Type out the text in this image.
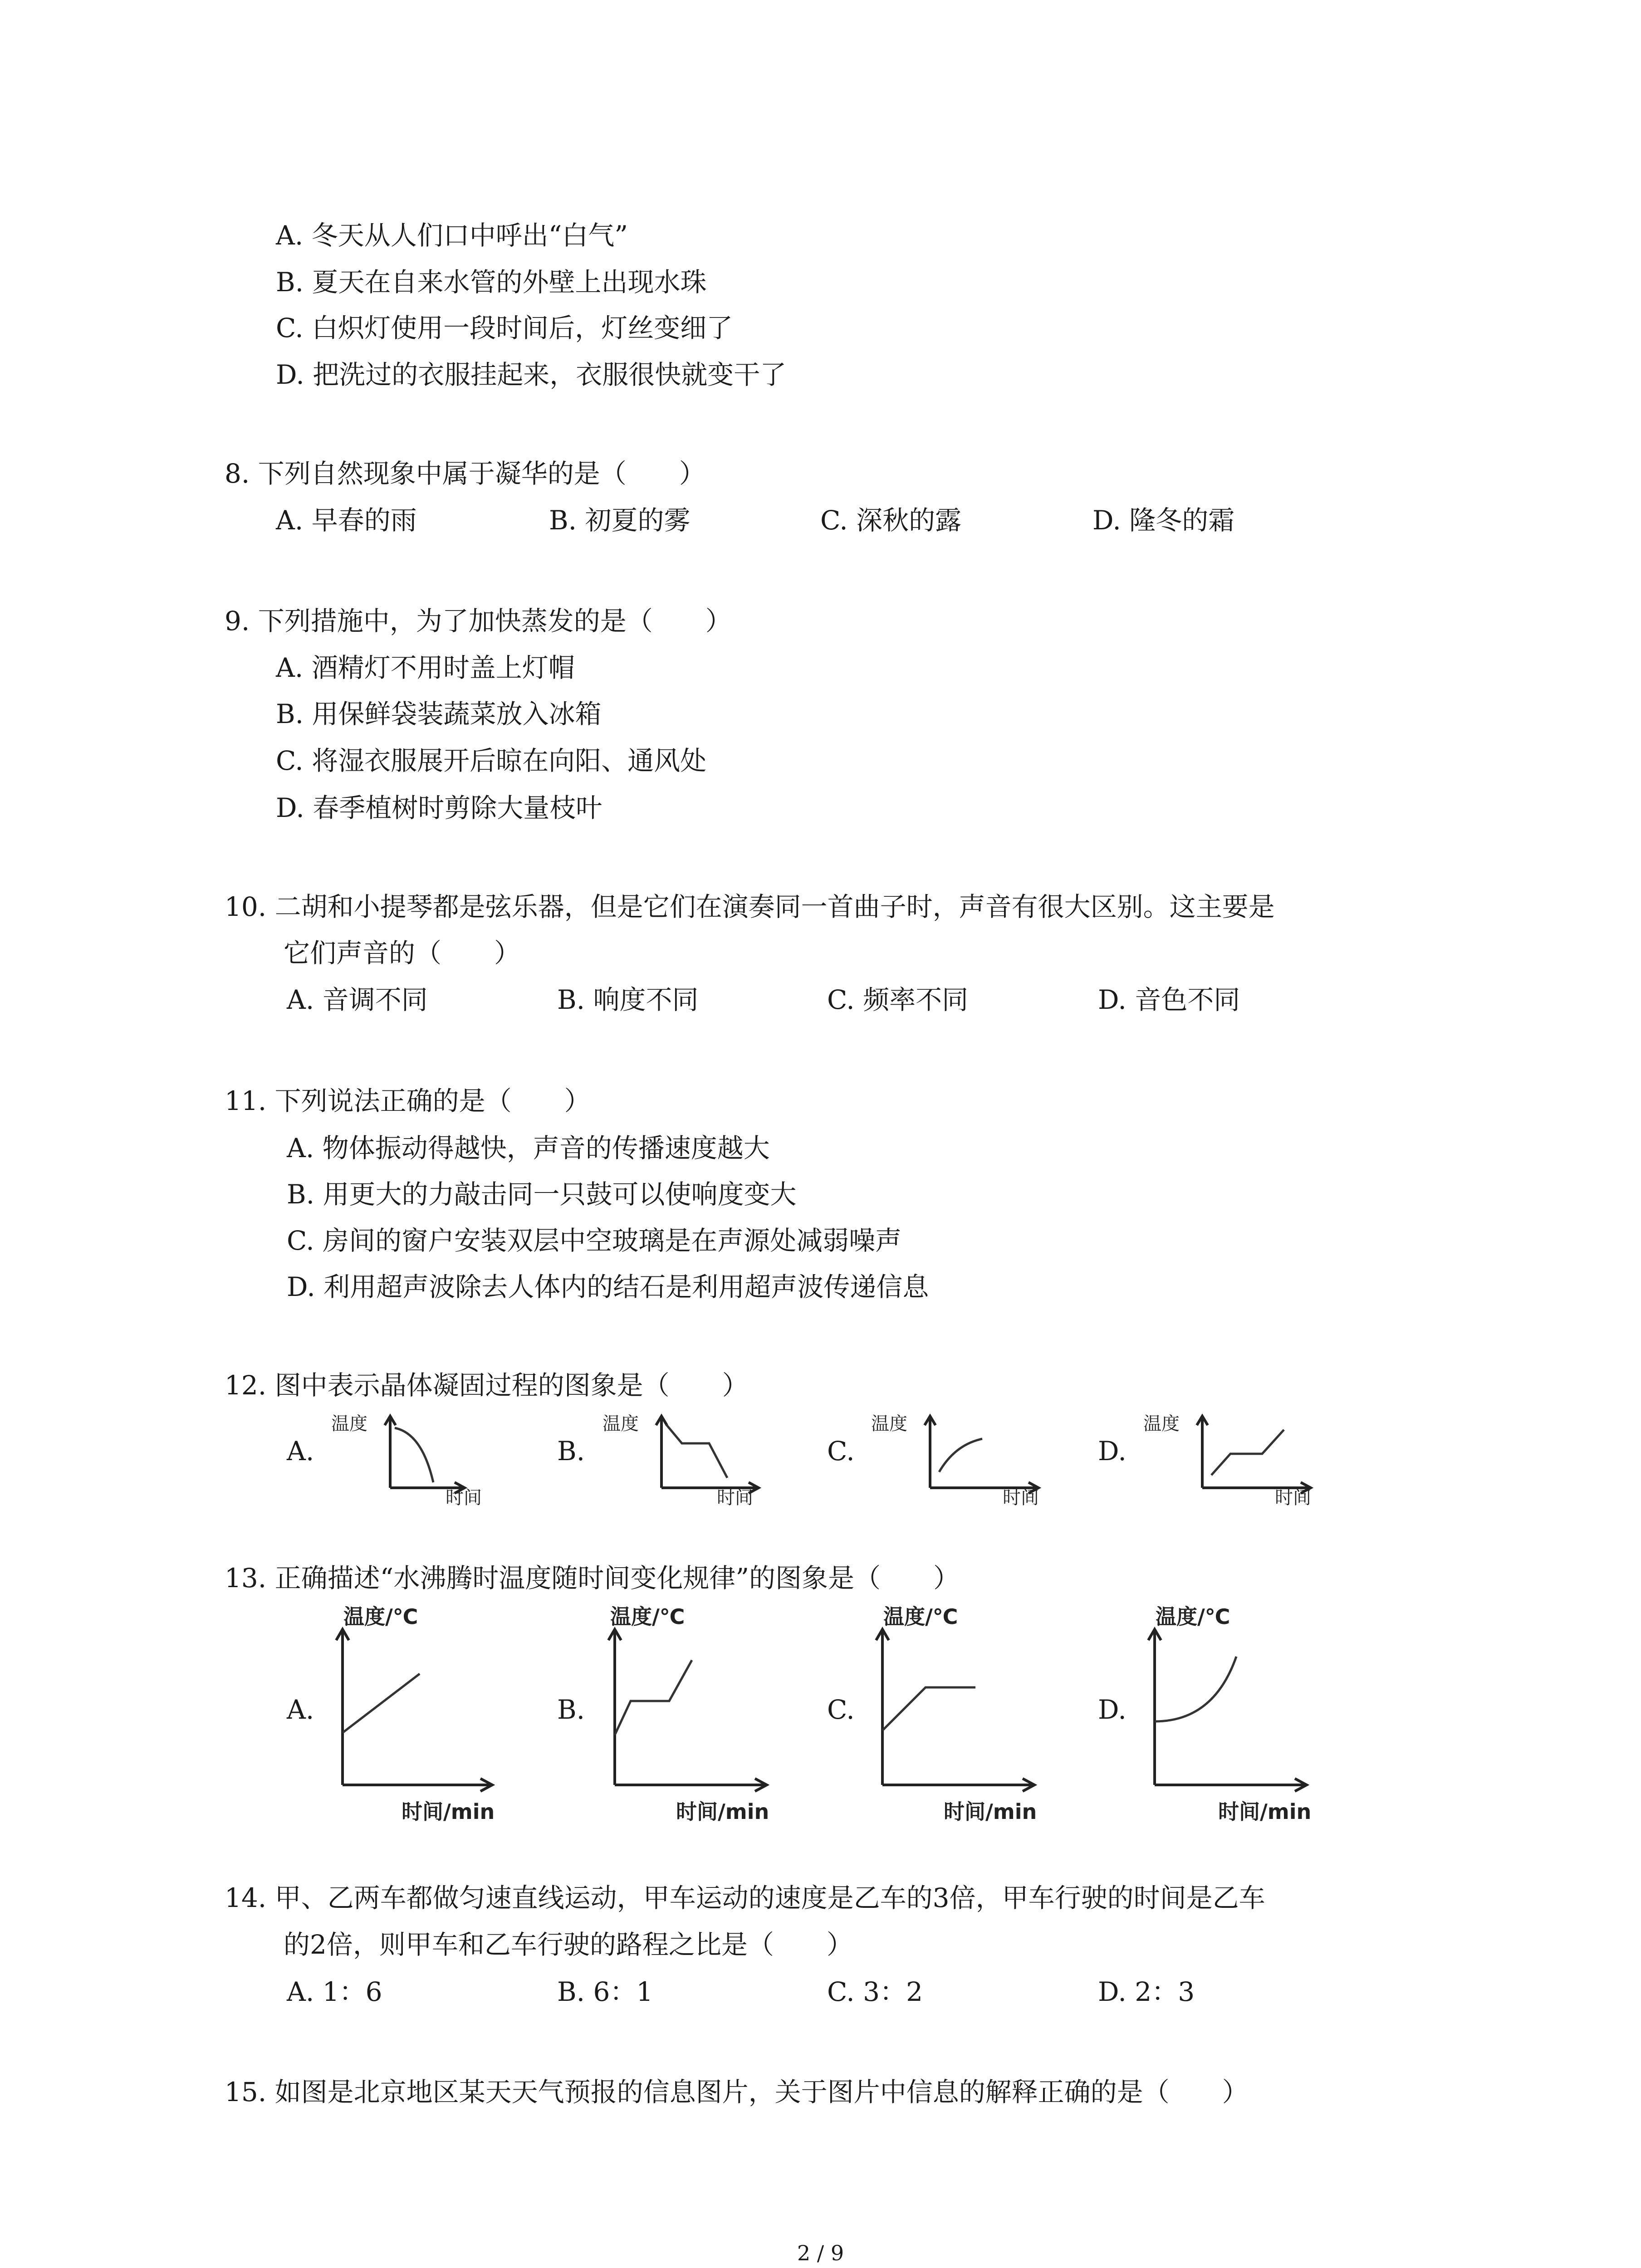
A. 冬天从人们口中呼出“白气”
B. 夏天在自来水管的外壁上出现水珠
C. 白炽灯使用一段时间后，灯丝变细了
D. 把洗过的衣服挂起来，衣服很快就变干了
8. 下列自然现象中属于凝华的是（　　）
A. 早春的雨	B. 初夏的雾	C. 深秋的露	D. 隆冬的霜
9. 下列措施中，为了加快蒸发的是（　　）
A. 酒精灯不用时盖上灯帽
B. 用保鲜袋装蔬菜放入冰箱
C. 将湿衣服展开后晾在向阳、通风处
D. 春季植树时剪除大量枝叶
10. 二胡和小提琴都是弦乐器，但是它们在演奏同一首曲子时，声音有很大区别。这主要是
它们声音的（　　）
A. 音调不同	B. 响度不同	C. 频率不同	D. 音色不同
11. 下列说法正确的是（　　）
A. 物体振动得越快，声音的传播速度越大
B. 用更大的力敲击同一只鼓可以使响度变大
C. 房间的窗户安装双层中空玻璃是在声源处减弱噪声
D. 利用超声波除去人体内的结石是利用超声波传递信息
12. 图中表示晶体凝固过程的图象是（　　）
A.
温度
时间
B.
温度
时间
C.
温度
时间
D.
温度
时间
13. 正确描述“水沸腾时温度随时间变化规律”的图象是（　　）
A.
温度/℃
时间/min
B.
温度/℃
时间/min
C.
温度/℃
时间/min
D.
温度/℃
时间/min
14. 甲、乙两车都做匀速直线运动，甲车运动的速度是乙车的3倍，甲车行驶的时间是乙车
的2倍，则甲车和乙车行驶的路程之比是（　　）
A. 1：6	B. 6：1	C. 3：2	D. 2：3
15. 如图是北京地区某天天气预报的信息图片，关于图片中信息的解释正确的是（　　）
2 / 9
